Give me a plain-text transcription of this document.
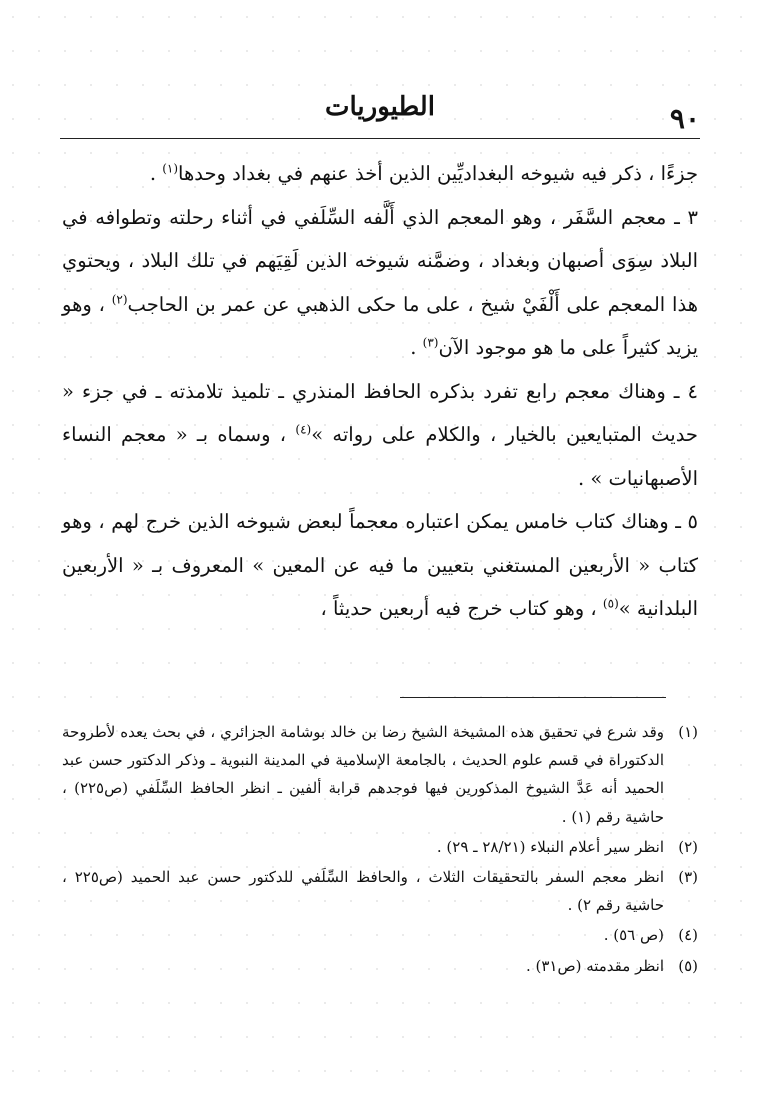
٩٠
الطيوريات

جزءًا ، ذكر فيه شيوخه البغداديِّين الذين أخذ عنهم في بغداد وحدها$^{(١)}$ .

٣ ـ معجم السَّفَر ، وهو المعجم الذي أَلَّفه السِّلَفي في أثناء رحلته وتطوافه في البلاد سِوَى أصبهان وبغداد ، وضمَّنه شيوخه الذين لَقِيَهم في تلك البلاد ، ويحتوي هذا المعجم على أَلْفَيْ شيخ ، على ما حكى الذهبي عن عمر بن الحاجب$^{(٢)}$ ، وهو يزيد كثيراً على ما هو موجود الآن$^{(٣)}$ .

٤ ـ وهناك معجم رابع تفرد بذكره الحافظ المنذري ـ تلميذ تلامذته ـ في جزء « حديث المتبايعين بالخيار ، والكلام على رواته »$^{(٤)}$ ، وسماه بـ « معجم النساء الأصبهانيات » .

٥ ـ وهناك كتاب خامس يمكن اعتباره معجماً لبعض شيوخه الذين خرج لهم ، وهو كتاب « الأربعين المستغني بتعيين ما فيه عن المعين » المعروف بـ « الأربعين البلدانية »$^{(٥)}$ ، وهو كتاب خرج فيه أربعين حديثاً ،

(١)
وقد شرع في تحقيق هذه المشيخة الشيخ رضا بن خالد بوشامة الجزائري ، في بحث يعده لأطروحة الدكتوراة في قسم علوم الحديث ، بالجامعة الإسلامية في المدينة النبوية ـ وذكر الدكتور حسن عبد الحميد أنه عَدَّ الشيوخ المذكورين فيها فوجدهم قرابة ألفين ـ انظر الحافظ السِّلَفي (ص٢٢٥) ، حاشية رقم (١) .
(٢)
انظر سير أعلام النبلاء (٢٨/٢١ ـ ٢٩) .
(٣)
انظر معجم السفر بالتحقيقات الثلاث ، والحافظ السِّلَفي للدكتور حسن عبد الحميد (ص٢٢٥ ، حاشية رقم ٢) .
(٤)
(ص ٥٦) .
(٥)
انظر مقدمته (ص٣١) .
